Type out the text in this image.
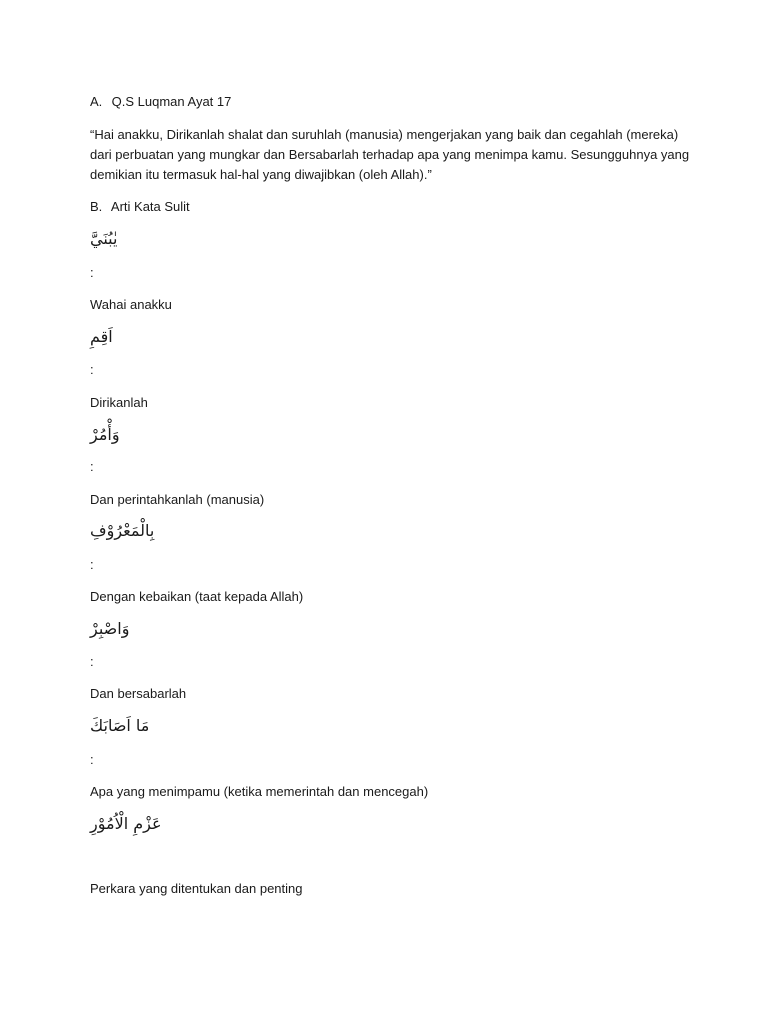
A. Q.S Luqman Ayat 17
“Hai anakku, Dirikanlah shalat dan suruhlah (manusia) mengerjakan yang baik dan cegahlah (mereka) dari perbuatan yang mungkar dan Bersabarlah terhadap apa yang menimpa kamu. Sesungguhnya yang demikian itu termasuk hal-hal yang diwajibkan (oleh Allah).”
B. Arti Kata Sulit
يٰبُنَيَّ
:
Wahai anakku
اَقِمِ
:
Dirikanlah
وَأْمُرْ
:
Dan perintahkanlah (manusia)
بِالْمَعْرُوْفِ
:
Dengan kebaikan (taat kepada Allah)
وَاصْبِرْ
:
Dan bersabarlah
مَا اَصَابَكَ
:
Apa yang menimpamu (ketika memerintah dan mencegah)
عَزْمِ الْاُمُوْرِ
Perkara yang ditentukan dan penting
